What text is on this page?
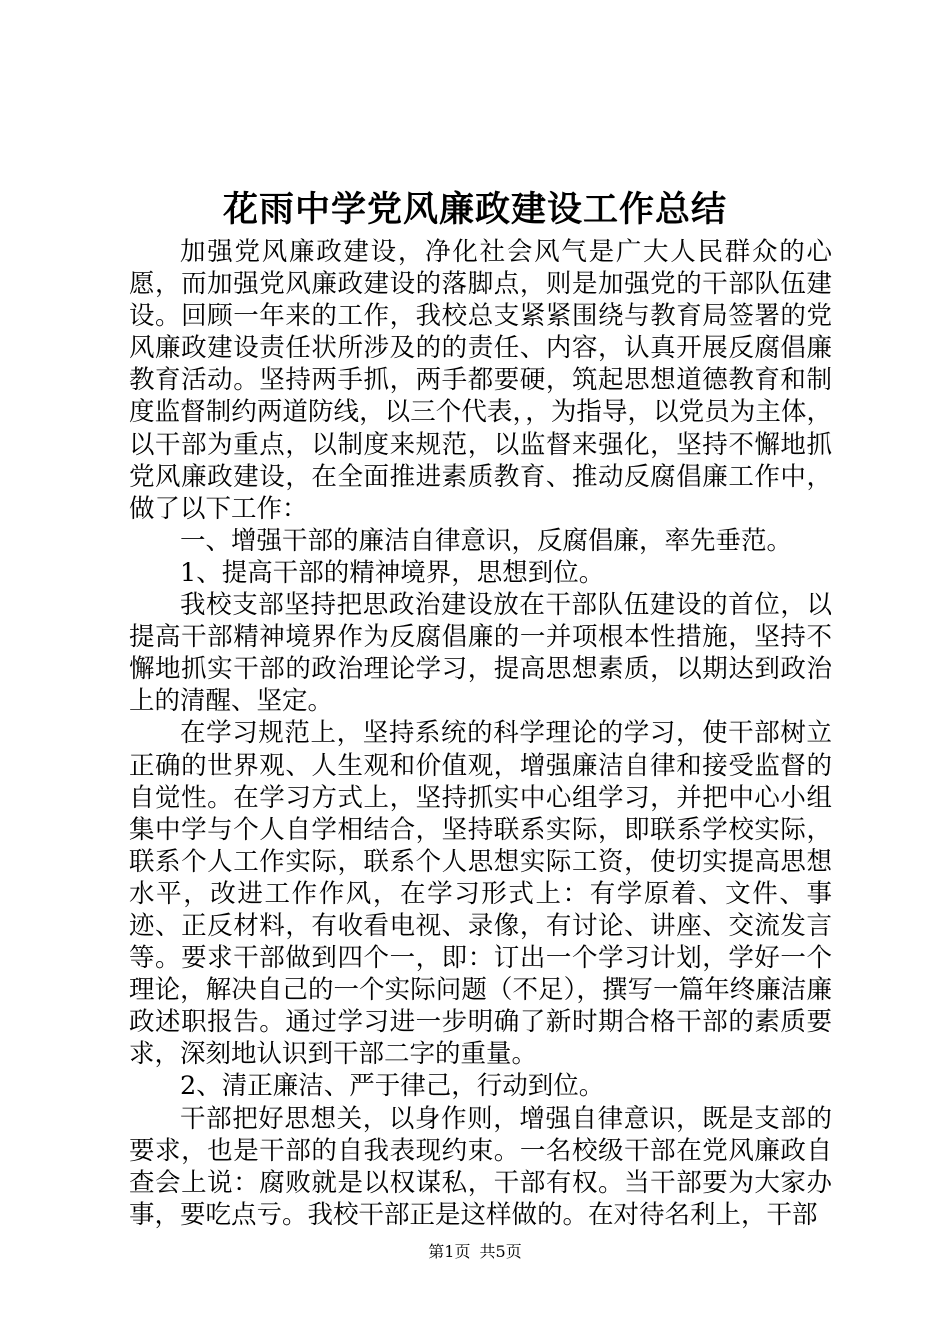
花雨中学党风廉政建设工作总结

加强党风廉政建设，净化社会风气是广大人民群众的心愿，而加强党风廉政建设的落脚点，则是加强党的干部队伍建设。回顾一年来的工作，我校总支紧紧围绕与教育局签署的党风廉政建设责任状所涉及的的责任、内容，认真开展反腐倡廉教育活动。坚持两手抓，两手都要硬，筑起思想道德教育和制度监督制约两道防线，以三个代表，，为指导，以党员为主体，以干部为重点，以制度来规范，以监督来强化，坚持不懈地抓党风廉政建设，在全面推进素质教育、推动反腐倡廉工作中，做了以下工作：

一、增强干部的廉洁自律意识，反腐倡廉，率先垂范。

1、提高干部的精神境界，思想到位。

我校支部坚持把思政治建设放在干部队伍建设的首位，以提高干部精神境界作为反腐倡廉的一并项根本性措施，坚持不懈地抓实干部的政治理论学习，提高思想素质，以期达到政治上的清醒、坚定。

在学习规范上，坚持系统的科学理论的学习，使干部树立正确的世界观、人生观和价值观，增强廉洁自律和接受监督的自觉性。在学习方式上，坚持抓实中心组学习，并把中心小组集中学与个人自学相结合，坚持联系实际，即联系学校实际，联系个人工作实际，联系个人思想实际工资，使切实提高思想水平，改进工作作风，在学习形式上：有学原着、文件、事迹、正反材料，有收看电视、录像，有讨论、讲座、交流发言等。要求干部做到四个一，即：订出一个学习计划，学好一个理论，解决自己的一个实际问题（不足），撰写一篇年终廉洁廉政述职报告。通过学习进一步明确了新时期合格干部的素质要求，深刻地认识到干部二字的重量。

2、清正廉洁、严于律己，行动到位。

干部把好思想关，以身作则，增强自律意识，既是支部的要求，也是干部的自我表现约束。一名校级干部在党风廉政自查会上说：腐败就是以权谋私，干部有权。当干部要为大家办事，要吃点亏。我校干部正是这样做的。在对待名利上，干部

第1页 共5页
